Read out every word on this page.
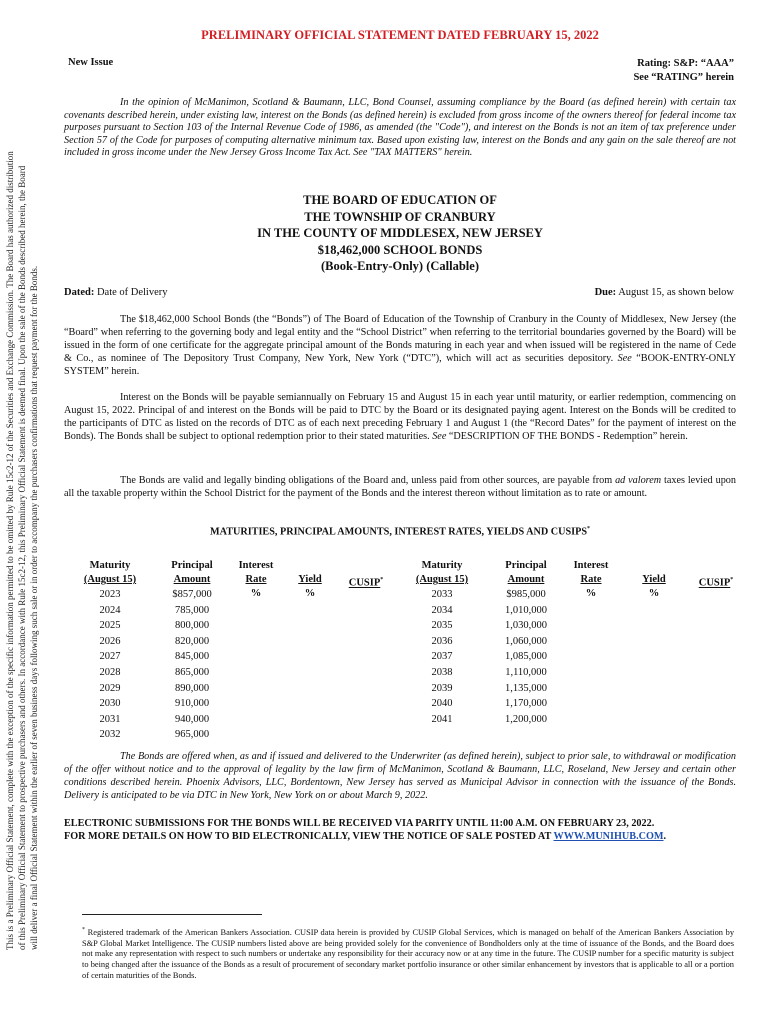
This is a Preliminary Official Statement, complete with the exception of the specific information permitted to be omitted by Rule 15c2-12 of the Securities and Exchange Commission. The Board has authorized distribution of this Preliminary Official Statement to prospective purchasers and others. In accordance with Rule 15c2-12, this Preliminary Official Statement is deemed final. Upon the sale of the Bonds described herein, the Board will deliver a final Official Statement within the earlier of seven business days following such sale or in order to accompany the purchasers confirmations that request payment for the Bonds.
PRELIMINARY OFFICIAL STATEMENT DATED FEBRUARY 15, 2022
New Issue	Rating: S&P: “AAA”
See “RATING” herein
In the opinion of McManimon, Scotland & Baumann, LLC, Bond Counsel, assuming compliance by the Board (as defined herein) with certain tax covenants described herein, under existing law, interest on the Bonds (as defined herein) is excluded from gross income of the owners thereof for federal income tax purposes pursuant to Section 103 of the Internal Revenue Code of 1986, as amended (the "Code"), and interest on the Bonds is not an item of tax preference under Section 57 of the Code for purposes of computing alternative minimum tax. Based upon existing law, interest on the Bonds and any gain on the sale thereof are not included in gross income under the New Jersey Gross Income Tax Act. See "TAX MATTERS" herein.
THE BOARD OF EDUCATION OF
THE TOWNSHIP OF CRANBURY
IN THE COUNTY OF MIDDLESEX, NEW JERSEY
$18,462,000 SCHOOL BONDS
(Book-Entry-Only) (Callable)
Dated: Date of Delivery	Due: August 15, as shown below
The $18,462,000 School Bonds (the “Bonds”) of The Board of Education of the Township of Cranbury in the County of Middlesex, New Jersey (the “Board” when referring to the governing body and legal entity and the “School District” when referring to the territorial boundaries governed by the Board) will be issued in the form of one certificate for the aggregate principal amount of the Bonds maturing in each year and when issued will be registered in the name of Cede & Co., as nominee of The Depository Trust Company, New York, New York (“DTC”), which will act as securities depository. See “BOOK-ENTRY-ONLY SYSTEM” herein.
Interest on the Bonds will be payable semiannually on February 15 and August 15 in each year until maturity, or earlier redemption, commencing on August 15, 2022. Principal of and interest on the Bonds will be paid to DTC by the Board or its designated paying agent. Interest on the Bonds will be credited to the participants of DTC as listed on the records of DTC as of each next preceding February 1 and August 1 (the “Record Dates” for the payment of interest on the Bonds). The Bonds shall be subject to optional redemption prior to their stated maturities. See “DESCRIPTION OF THE BONDS - Redemption” herein.
The Bonds are valid and legally binding obligations of the Board and, unless paid from other sources, are payable from ad valorem taxes levied upon all the taxable property within the School District for the payment of the Bonds and the interest thereon without limitation as to rate or amount.
MATURITIES, PRINCIPAL AMOUNTS, INTEREST RATES, YIELDS AND CUSIPS*
Maturity
(August 15)
2023
2024
2025
2026
2027
2028
2029
2030
2031
2032
Principal
Amount
$857,000
785,000
800,000
820,000
845,000
865,000
890,000
910,000
940,000
965,000
Interest
Rate
%
Yield
%
CUSIP*
Maturity
(August 15)
2033
2034
2035
2036
2037
2038
2039
2040
2041
Principal
Amount
$985,000
1,010,000
1,030,000
1,060,000
1,085,000
1,110,000
1,135,000
1,170,000
1,200,000
Interest
Rate
%
Yield
%
CUSIP*
The Bonds are offered when, as and if issued and delivered to the Underwriter (as defined herein), subject to prior sale, to withdrawal or modification of the offer without notice and to the approval of legality by the law firm of McManimon, Scotland & Baumann, LLC, Roseland, New Jersey and certain other conditions described herein. Phoenix Advisors, LLC, Bordentown, New Jersey has served as Municipal Advisor in connection with the issuance of the Bonds. Delivery is anticipated to be via DTC in New York, New York on or about March 9, 2022.
ELECTRONIC SUBMISSIONS FOR THE BONDS WILL BE RECEIVED VIA PARITY UNTIL 11:00 A.M. ON FEBRUARY 23, 2022.
FOR MORE DETAILS ON HOW TO BID ELECTRONICALLY, VIEW THE NOTICE OF SALE POSTED AT WWW.MUNIHUB.COM.
* Registered trademark of the American Bankers Association. CUSIP data herein is provided by CUSIP Global Services, which is managed on behalf of the American Bankers Association by S&P Global Market Intelligence. The CUSIP numbers listed above are being provided solely for the convenience of Bondholders only at the time of issuance of the Bonds, and the Board does not make any representation with respect to such numbers or undertake any responsibility for their accuracy now or at any time in the future. The CUSIP number for a specific maturity is subject to being changed after the issuance of the Bonds as a result of procurement of secondary market portfolio insurance or other similar enhancement by investors that is applicable to all or a portion of certain maturities of the Bonds.
